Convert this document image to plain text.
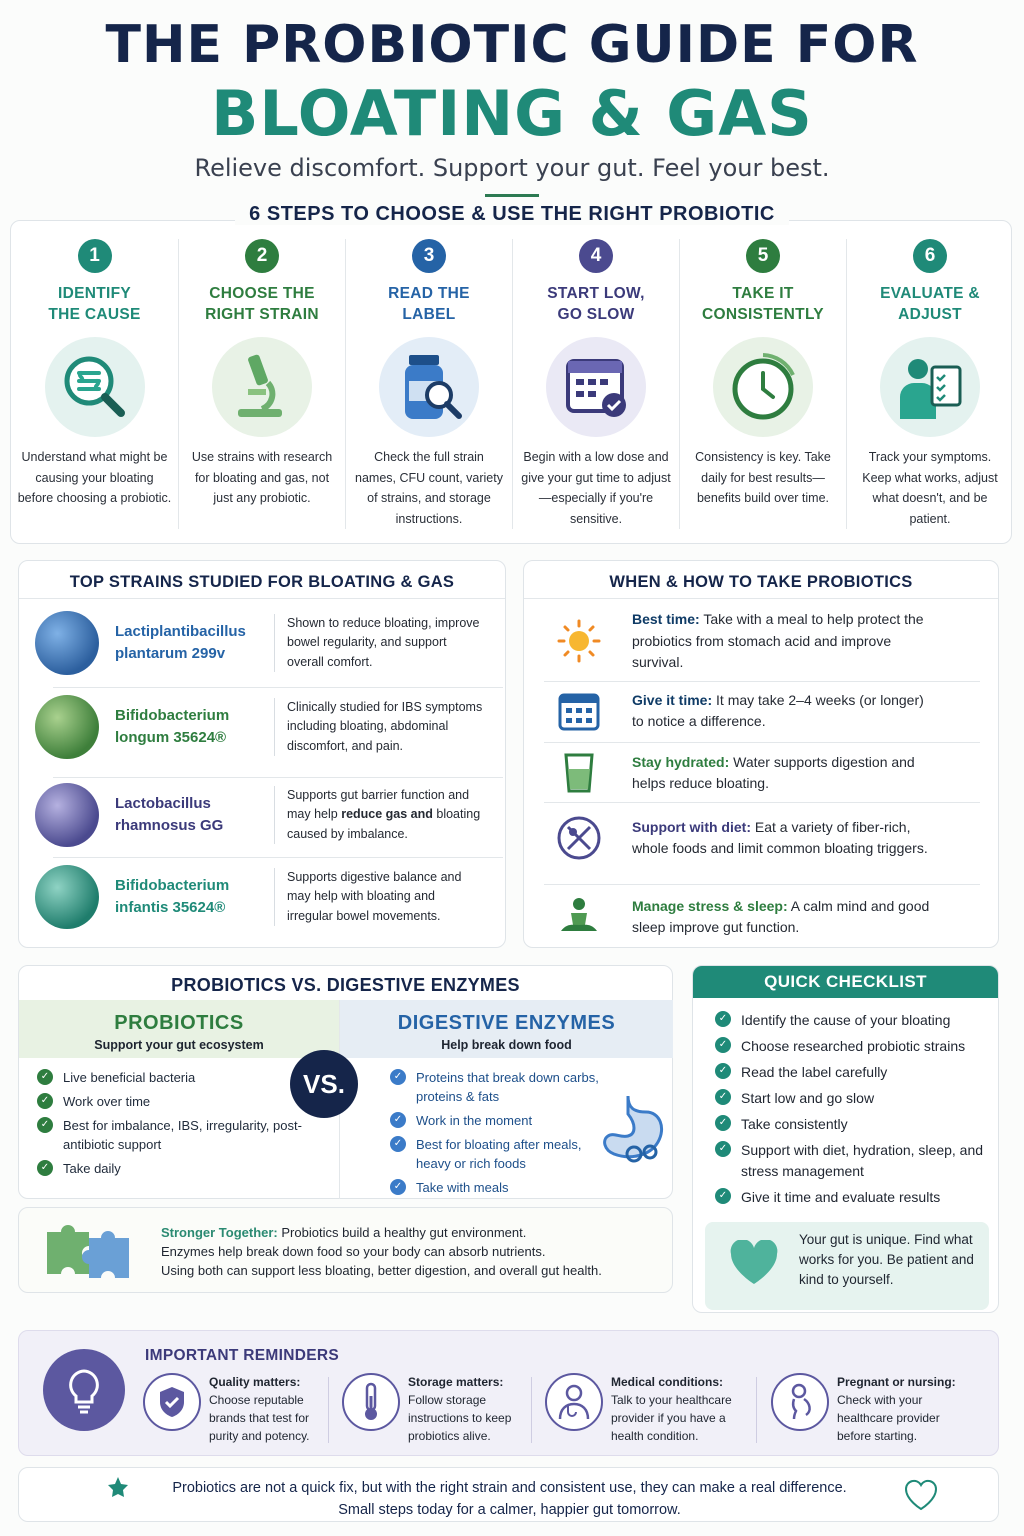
THE PROBIOTIC GUIDE FOR
BLOATING & GAS
Relieve discomfort. Support your gut. Feel your best.
1
IDENTIFY THE CAUSE
Understand what might be causing your bloating before choosing a probiotic.
2
CHOOSE THE RIGHT STRAIN
Use strains with research for bloating and gas, not just any probiotic.
3
READ THE LABEL
Check the full strain names, CFU count, variety of strains, and storage instructions.
4
START LOW, GO SLOW
Begin with a low dose and give your gut time to adjust—especially if you're sensitive.
5
TAKE IT CONSISTENTLY
Consistency is key. Take daily for best results—benefits build over time.
6
EVALUATE & ADJUST
Track your symptoms. Keep what works, adjust what doesn't, and be patient.
6 STEPS TO CHOOSE & USE THE RIGHT PROBIOTIC
TOP STRAINS STUDIED FOR BLOATING & GAS
Lactiplantibacillus
plantarum 299v
Shown to reduce bloating, improve bowel regularity, and support overall comfort.
Bifidobacterium
longum 35624®
Clinically studied for IBS symptoms including bloating, abdominal discomfort, and pain.
Lactobacillus
rhamnosus GG
Supports gut barrier function and may help reduce gas and bloating caused by imbalance.
Bifidobacterium
infantis 35624®
Supports digestive balance and may help with bloating and irregular bowel movements.
WHEN & HOW TO TAKE PROBIOTICS
Best time: Take with a meal to help protect the probiotics from stomach acid and improve survival.
Give it time: It may take 2–4 weeks (or longer) to notice a difference.
Stay hydrated: Water supports digestion and helps reduce bloating.
Support with diet: Eat a variety of fiber-rich, whole foods and limit common bloating triggers.
Manage stress & sleep: A calm mind and good sleep improve gut function.
PROBIOTICS VS. DIGESTIVE ENZYMES
PROBIOTICS
Support your gut ecosystem
✓ Live beneficial bacteria
✓ Work over time
✓ Best for imbalance, IBS, irregularity, post-antibiotic support
✓ Take daily
DIGESTIVE ENZYMES
Help break down food
✓ Proteins that break down carbs, proteins & fats
✓ Work in the moment
✓ Best for bloating after meals, heavy or rich foods
✓ Take with meals
VS.
Stronger Together: Probiotics build a healthy gut environment.
Enzymes help break down food so your body can absorb nutrients.
Using both can support less bloating, better digestion, and overall gut health.
QUICK CHECKLIST
✓ Identify the cause of your bloating
✓ Choose researched probiotic strains
✓ Read the label carefully
✓ Start low and go slow
✓ Take consistently
✓ Support with diet, hydration, sleep, and stress management
✓ Give it time and evaluate results
Your gut is unique. Find what works for you. Be patient and kind to yourself.
IMPORTANT REMINDERS
Quality matters:
Choose reputable brands that test for purity and potency.
Storage matters:
Follow storage instructions to keep probiotics alive.
Medical conditions:
Talk to your healthcare provider if you have a health condition.
Pregnant or nursing:
Check with your healthcare provider before starting.
Probiotics are not a quick fix, but with the right strain and consistent use, they can make a real difference.
Small steps today for a calmer, happier gut tomorrow.
